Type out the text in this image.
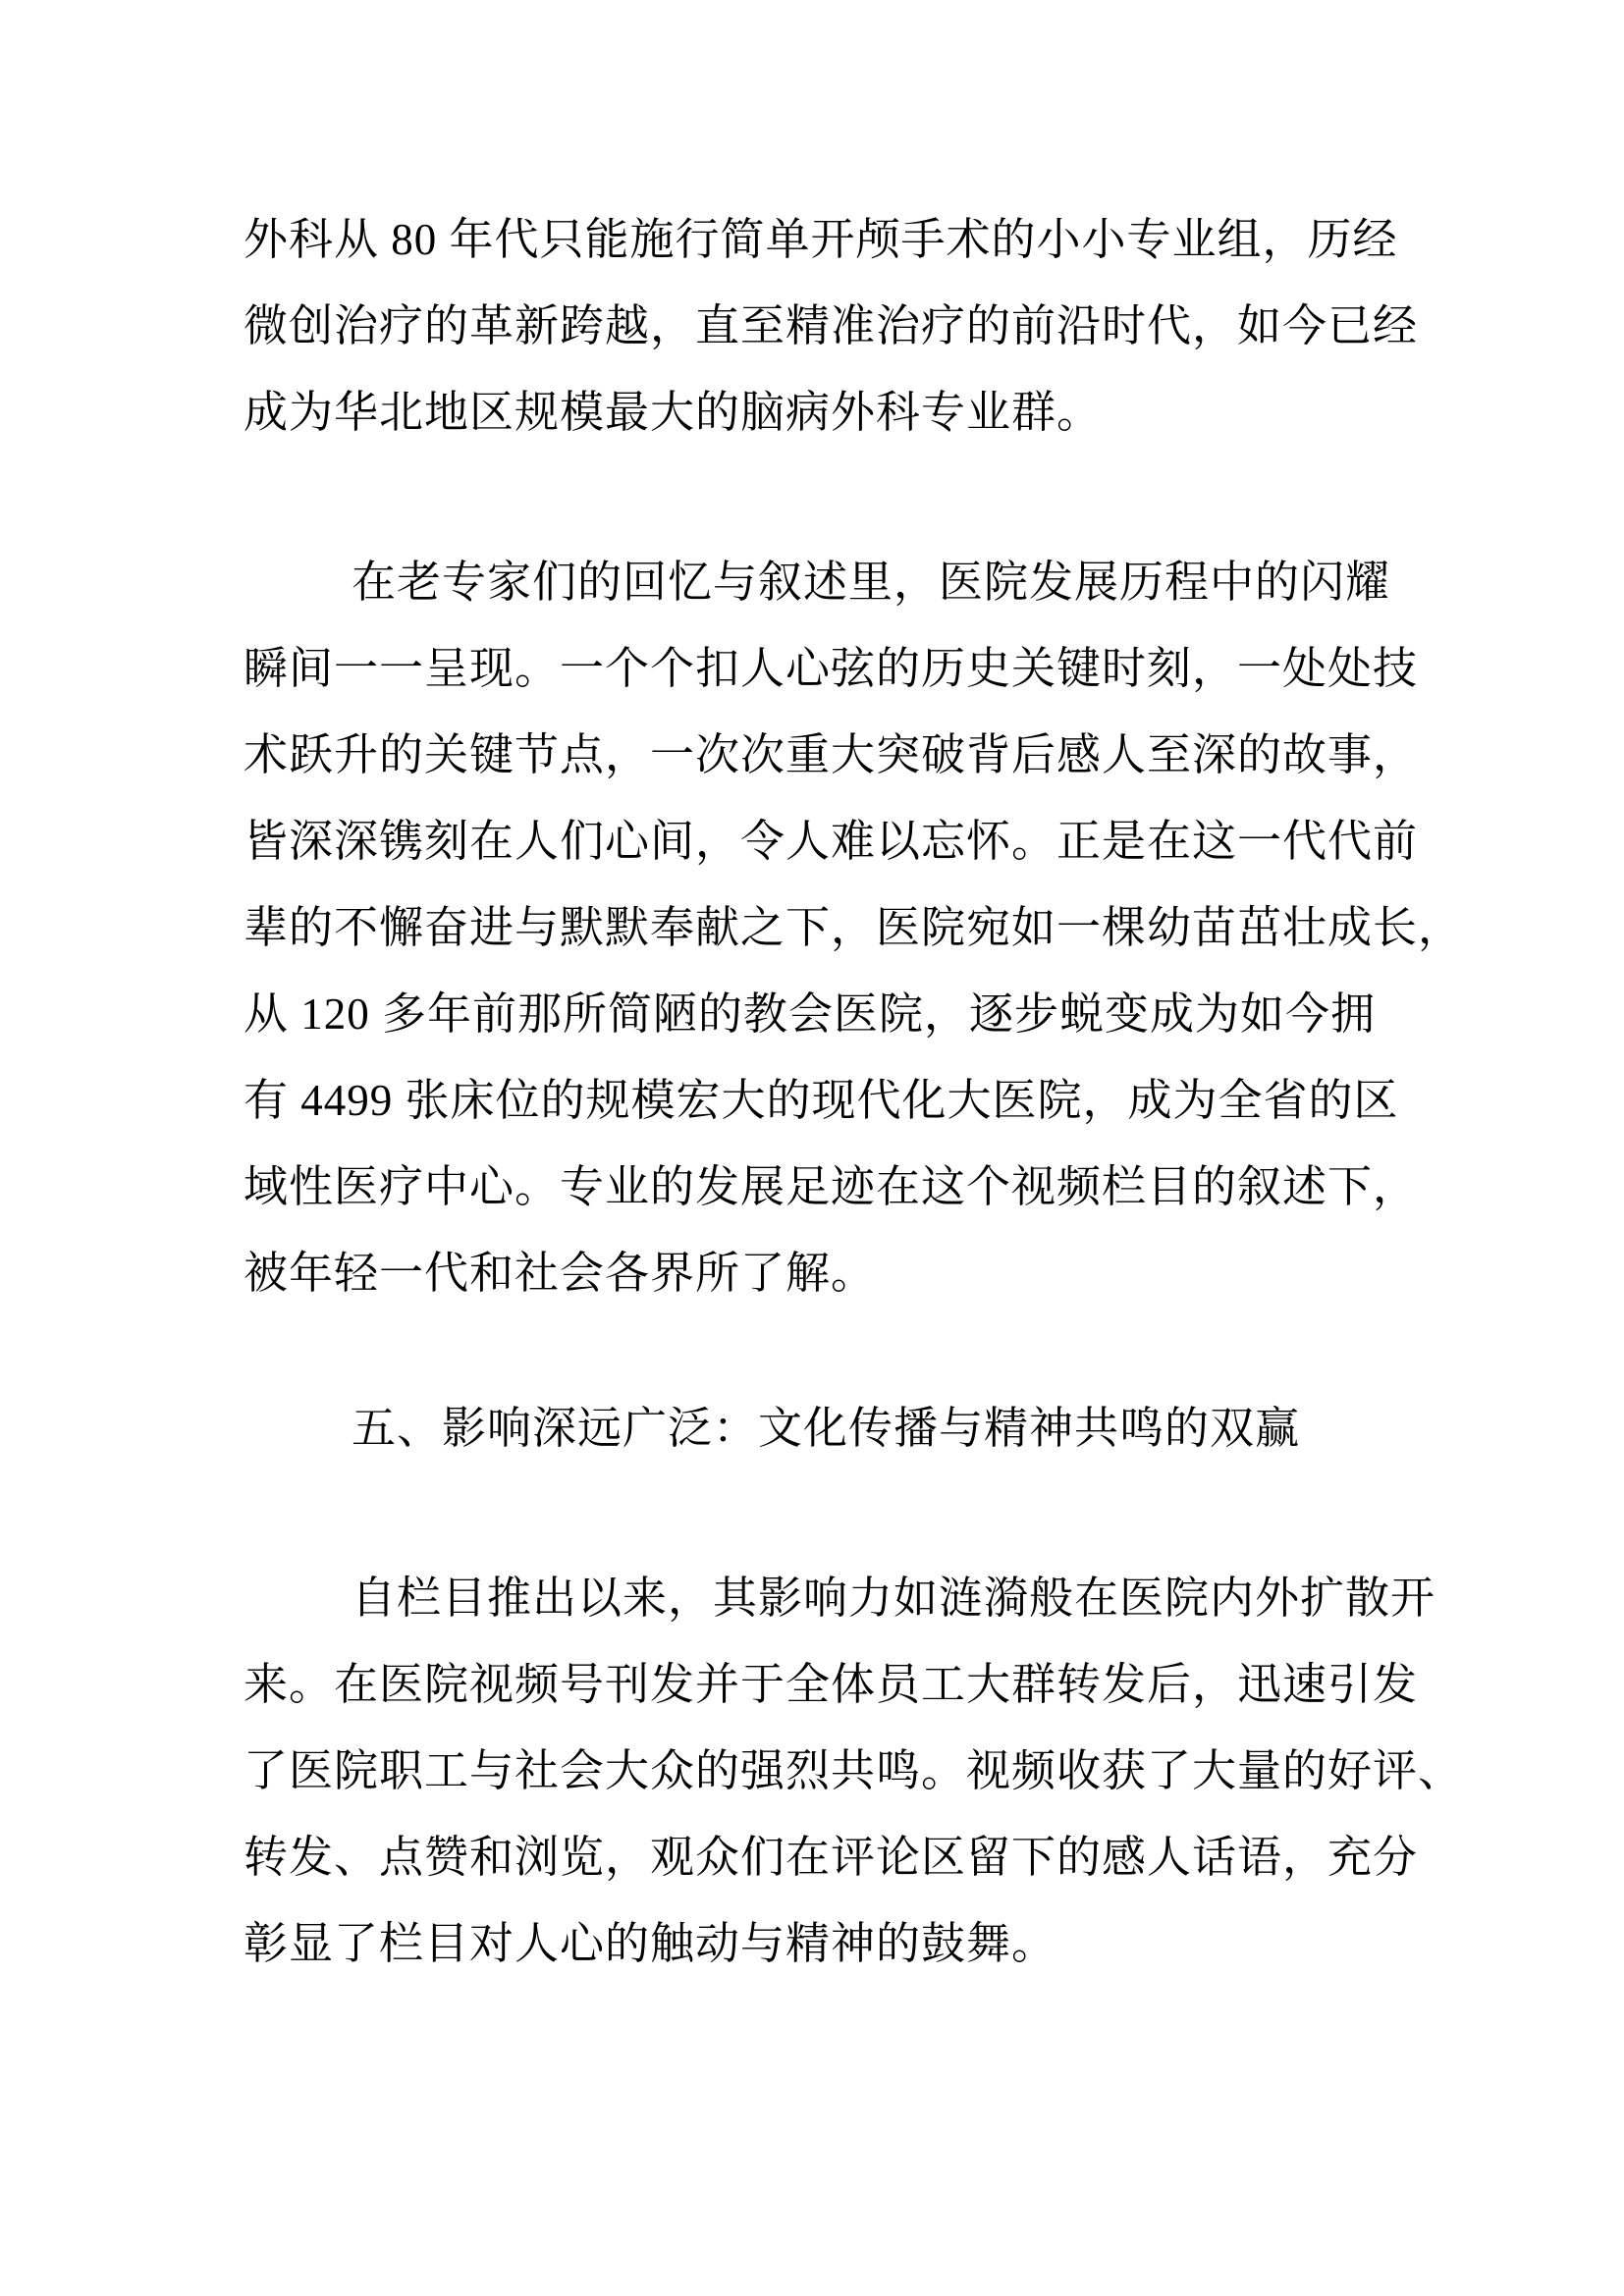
外科从 80 年代只能施行简单开颅手术的小小专业组，历经
微创治疗的革新跨越，直至精准治疗的前沿时代，如今已经
成为华北地区规模最大的脑病外科专业群。
在老专家们的回忆与叙述里，医院发展历程中的闪耀
瞬间一一呈现。一个个扣人心弦的历史关键时刻，一处处技
术跃升的关键节点，一次次重大突破背后感人至深的故事，
皆深深镌刻在人们心间，令人难以忘怀。正是在这一代代前
辈的不懈奋进与默默奉献之下，医院宛如一棵幼苗茁壮成长，
从 120 多年前那所简陋的教会医院，逐步蜕变成为如今拥
有 4499 张床位的规模宏大的现代化大医院，成为全省的区
域性医疗中心。专业的发展足迹在这个视频栏目的叙述下，
被年轻一代和社会各界所了解。
五、影响深远广泛：文化传播与精神共鸣的双赢
自栏目推出以来，其影响力如涟漪般在医院内外扩散开
来。在医院视频号刊发并于全体员工大群转发后，迅速引发
了医院职工与社会大众的强烈共鸣。视频收获了大量的好评、
转发、点赞和浏览，观众们在评论区留下的感人话语，充分
彰显了栏目对人心的触动与精神的鼓舞。
